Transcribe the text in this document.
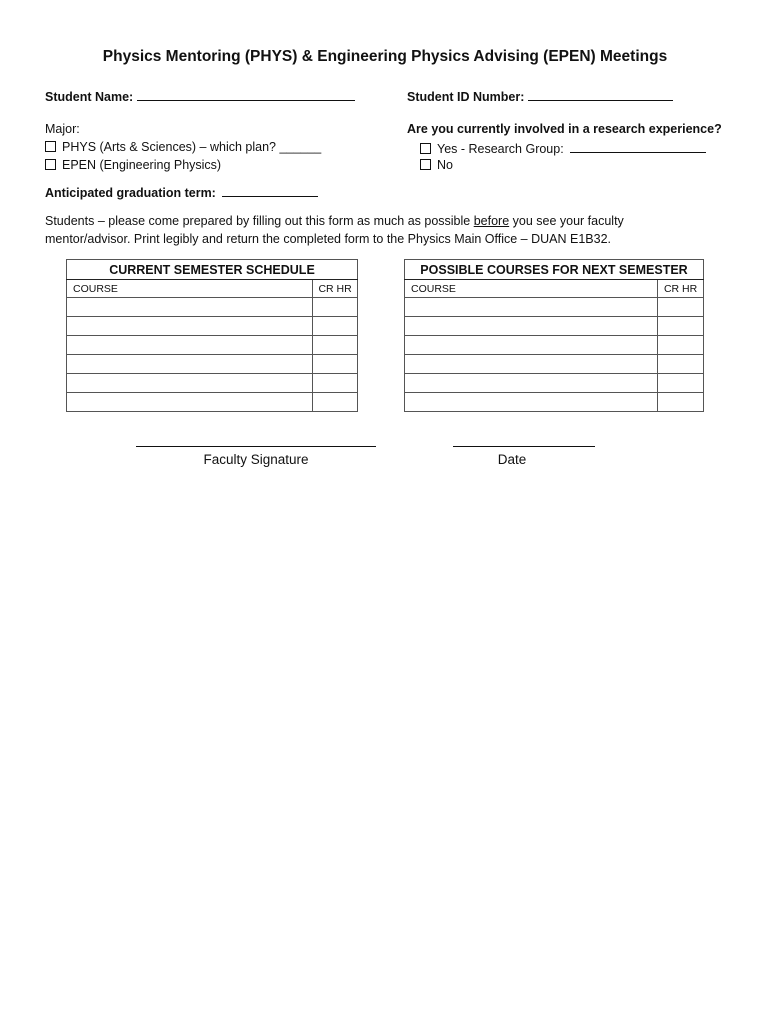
Physics Mentoring (PHYS) & Engineering Physics Advising (EPEN) Meetings
Student Name:	Student ID Number:
Major:
PHYS (Arts & Sciences) – which plan? ______
EPEN (Engineering Physics)
Are you currently involved in a research experience?
Yes - Research Group:
No
Anticipated graduation term:
Students – please come prepared by filling out this form as much as possible before you see your faculty mentor/advisor. Print legibly and return the completed form to the Physics Main Office – DUAN E1B32.
CURRENT SEMESTER SCHEDULE	
COURSE	CR HR

POSSIBLE COURSES FOR NEXT SEMESTER	
COURSE	CR HR

Faculty Signature	Date
